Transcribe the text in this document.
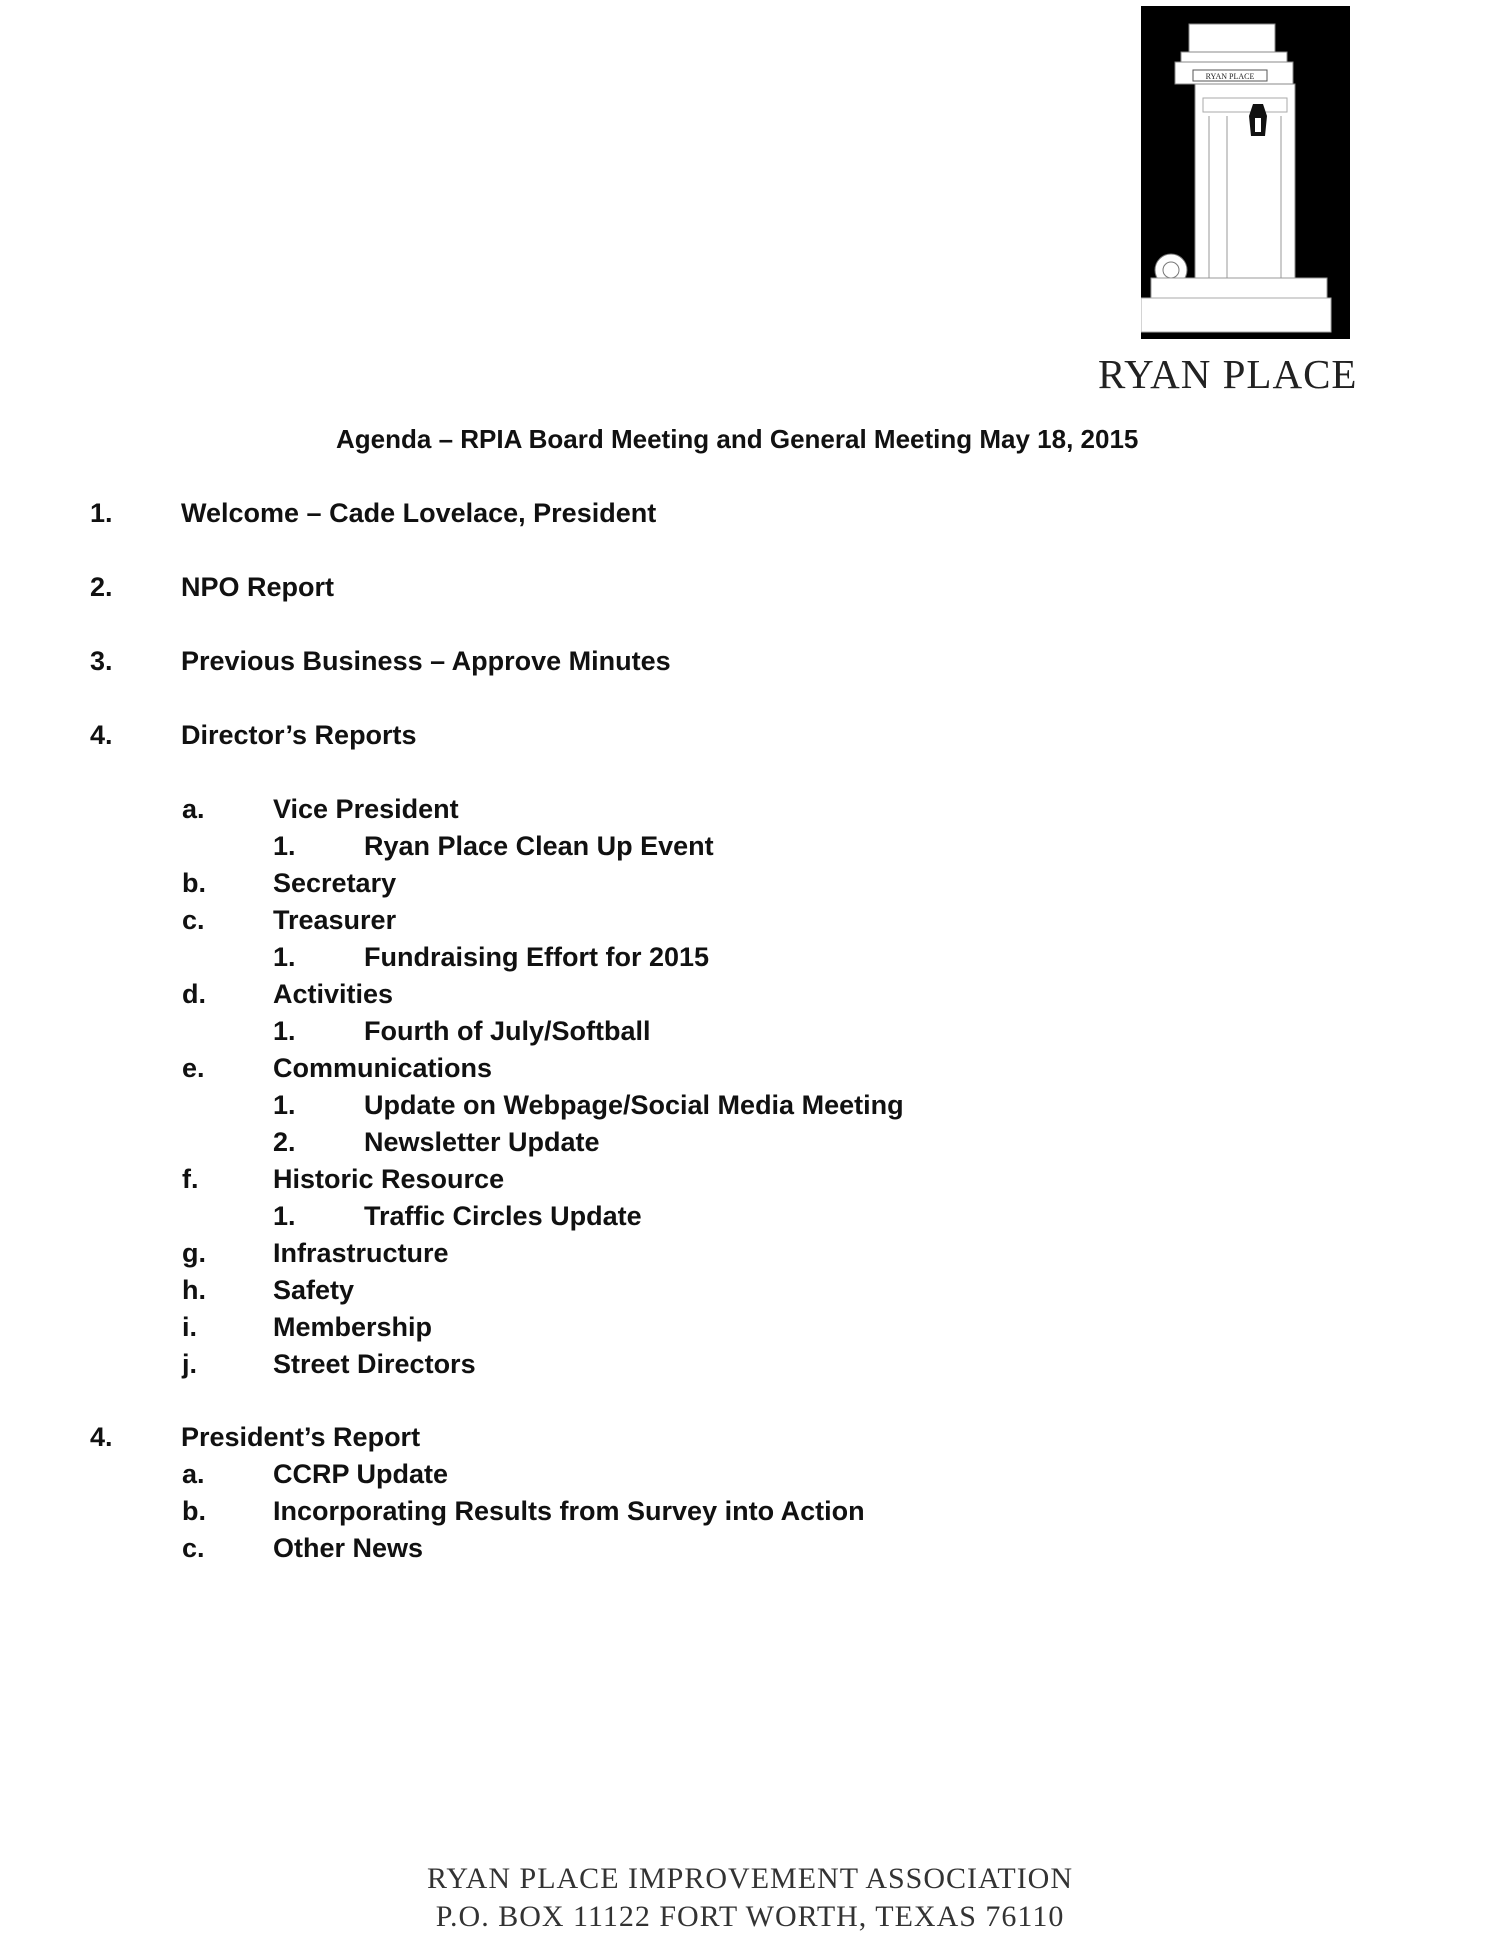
RYAN PLACE
RYAN PLACE
Agenda – RPIA Board Meeting and General Meeting May 18, 2015
1.	Welcome – Cade Lovelace, President
2.	NPO Report
3.	Previous Business – Approve Minutes
4.	Director’s Reports
a.	Vice President
1.	Ryan Place Clean Up Event
b. Secretary
c.	Treasurer
1.	Fundraising Effort for 2015
d. Activities
1.	Fourth of July/Softball
e.	Communications
1.	Update on Webpage/Social Media Meeting
2.	Newsletter Update
f.	Historic Resource
1.	Traffic Circles Update
g. Infrastructure
h. Safety
i.	Membership
j.	Street Directors
4.	President’s Report
a.	CCRP Update
b. Incorporating Results from Survey into Action
c.	Other News
RYAN PLACE IMPROVEMENT ASSOCIATION
P.O. BOX 11122 FORT WORTH, TEXAS 76110
